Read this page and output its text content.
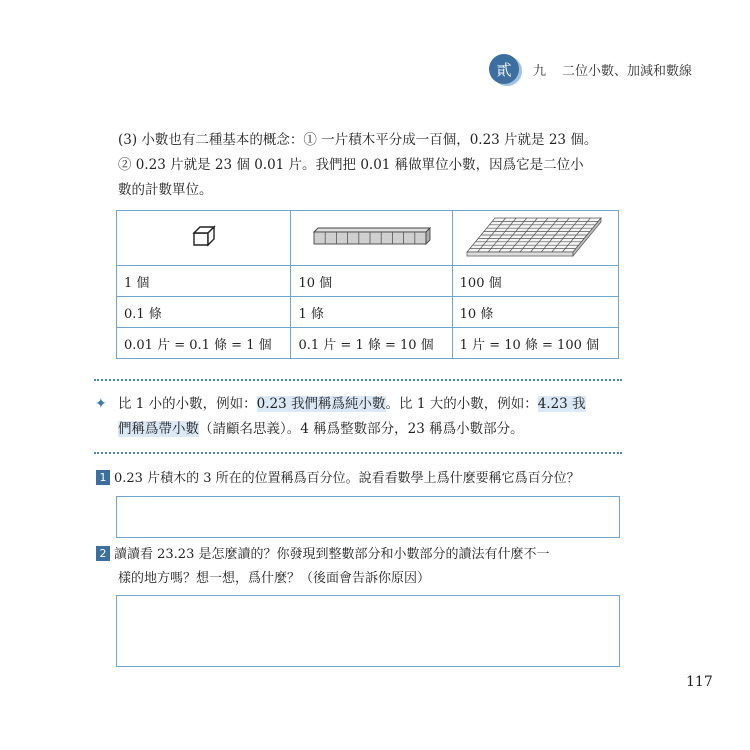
貳 九 二位小數、加減和數線
(3) 小數也有二種基本的概念：① 一片積木平分成一百個，0.23 片就是 23 個。
② 0.23 片就是 23 個 0.01 片。我們把 0.01 稱做單位小數，因爲它是二位小
數的計數單位。

1 個	10 個	100 個
0.1 條	1 條	10 條
0.01 片 = 0.1 條 = 1 個	0.1 片 = 1 條 = 10 個	1 片 = 10 條 = 100 個
✦ 比 1 小的小數，例如：0.23 我們稱爲純小數。比 1 大的小數，例如：4.23 我
們稱爲帶小數（請顧名思義）。4 稱爲整數部分，23 稱爲小數部分。
1 0.23 片積木的 3 所在的位置稱爲百分位。說看看數學上爲什麼要稱它爲百分位？
2 讀讀看 23.23 是怎麼讀的？你發現到整數部分和小數部分的讀法有什麼不一
樣的地方嗎？想一想，爲什麼？（後面會告訴你原因）
117
